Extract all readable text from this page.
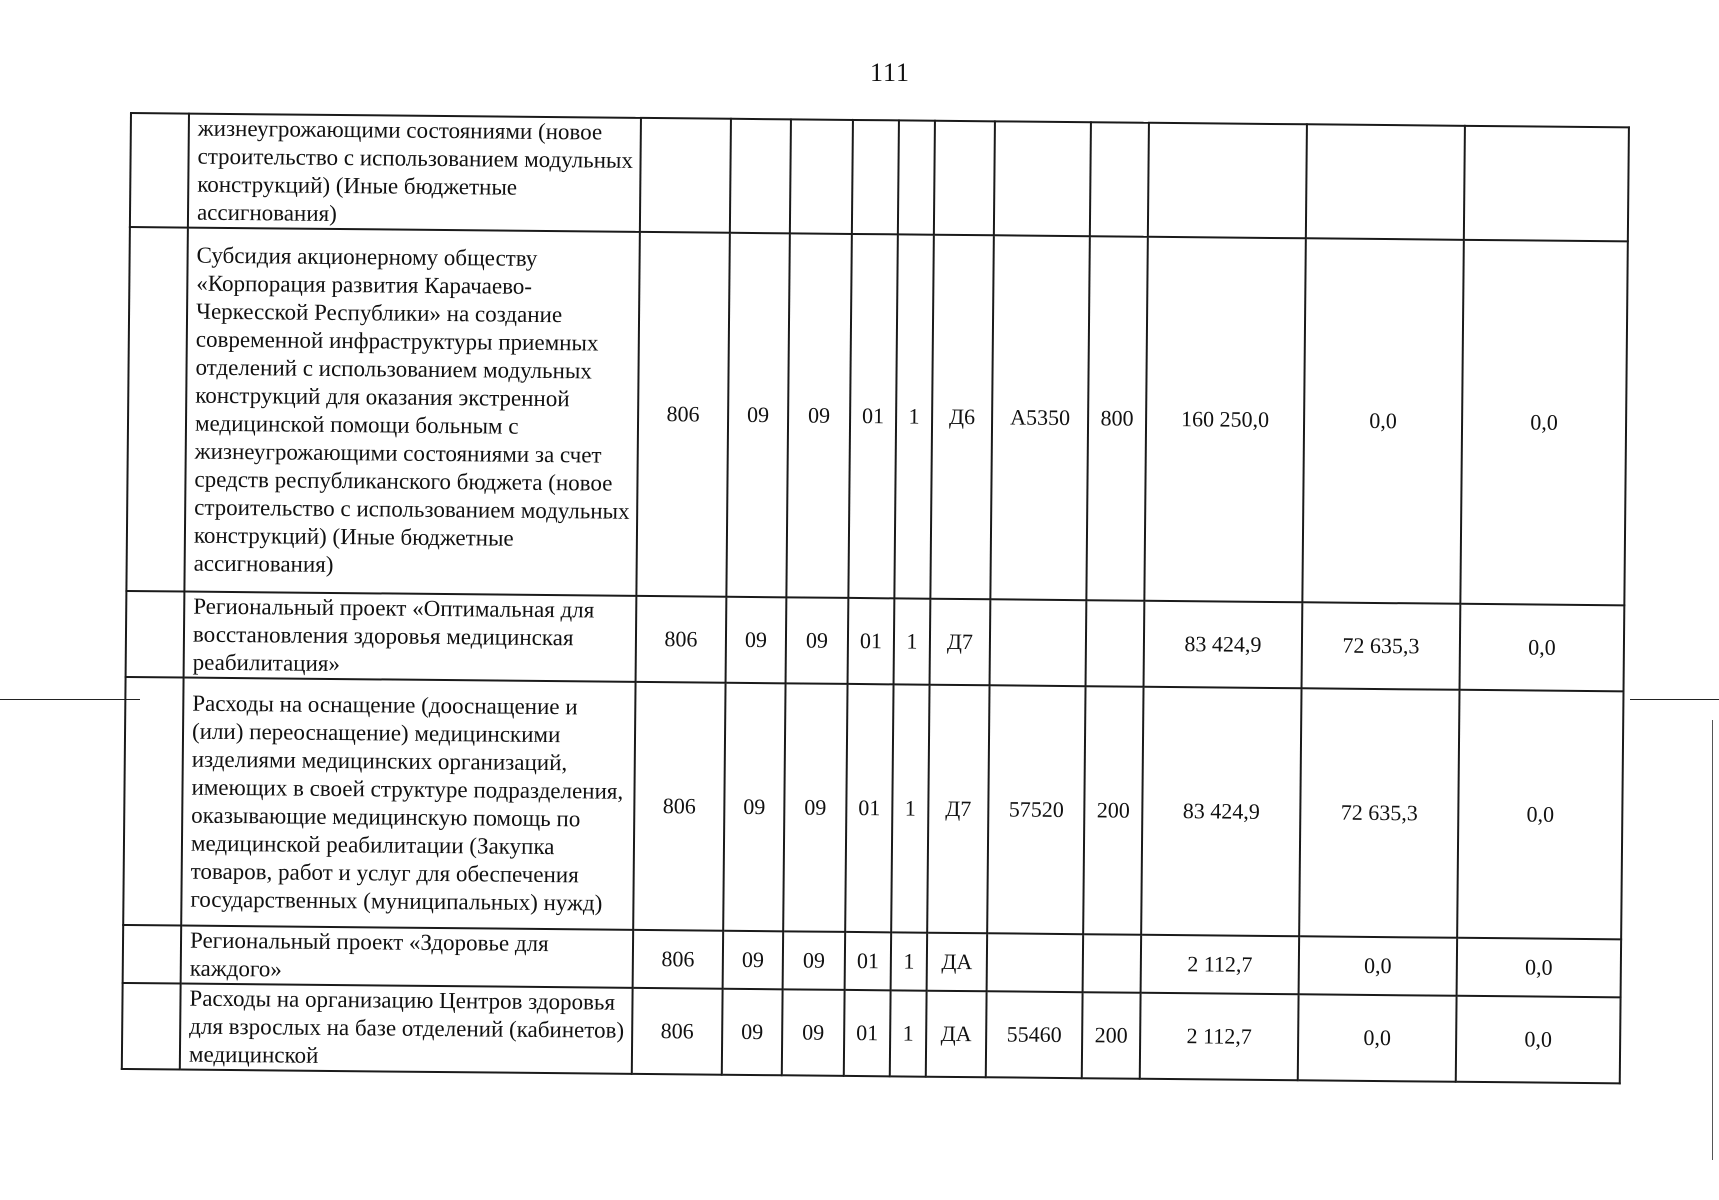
111
	жизнеугрожающими состояниями (новое строительство с использованием модульных конструкций) (Иные бюджетные ассигнования)											
	Субсидия акционерному обществу «Корпорация развития Карачаево-Черкесской Республики» на создание современной инфраструктуры приемных отделений с использованием модульных конструкций для оказания экстренной медицинской помощи больным с жизнеугрожающими состояниями за счет средств республиканского бюджета (новое строительство с использованием модульных конструкций) (Иные бюджетные ассигнования)	806	09	09	01	1	Д6	А5350	800	160 250,0	0,0	0,0
	Региональный проект «Оптимальная для восстановления здоровья медицинская реабилитация»	806	09	09	01	1	Д7			83 424,9	72 635,3	0,0
	Расходы на оснащение (дооснащение и (или) переоснащение) медицинскими изделиями медицинских организаций, имеющих в своей структуре подразделения, оказывающие медицинскую помощь по медицинской реабилитации (Закупка товаров, работ и услуг для обеспечения государственных (муниципальных) нужд)	806	09	09	01	1	Д7	57520	200	83 424,9	72 635,3	0,0
	Региональный проект «Здоровье для каждого»	806	09	09	01	1	ДА			2 112,7	0,0	0,0
	Расходы на организацию Центров здоровья для взрослых на базе отделений (кабинетов) медицинской	806	09	09	01	1	ДА	55460	200	2 112,7	0,0	0,0
